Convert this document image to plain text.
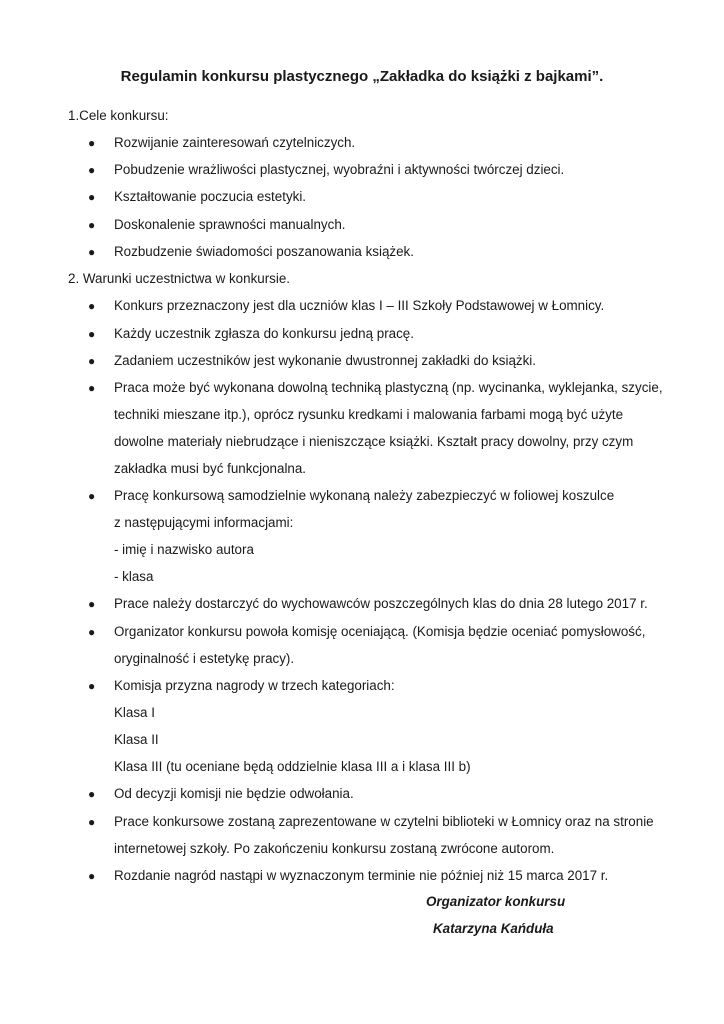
Regulamin konkursu plastycznego „Zakładka do książki z bajkami”.
1.Cele konkursu:
● Rozwijanie zainteresowań czytelniczych.
● Pobudzenie wrażliwości plastycznej, wyobraźni i aktywności twórczej dzieci.
● Kształtowanie poczucia estetyki.
● Doskonalenie sprawności manualnych.
● Rozbudzenie świadomości poszanowania książek.
2. Warunki uczestnictwa w konkursie.
● Konkurs przeznaczony jest dla uczniów klas I – III Szkoły Podstawowej w Łomnicy.
● Każdy uczestnik zgłasza do konkursu jedną pracę.
● Zadaniem uczestników jest wykonanie dwustronnej zakładki do książki.
● Praca może być wykonana dowolną techniką plastyczną (np. wycinanka, wyklejanka, szycie,
techniki mieszane itp.), oprócz rysunku kredkami i malowania farbami mogą być użyte
dowolne materiały niebrudzące i nieniszczące książki. Kształt pracy dowolny, przy czym
zakładka musi być funkcjonalna.
● Pracę konkursową samodzielnie wykonaną należy zabezpieczyć w foliowej koszulce
z następującymi informacjami:
- imię i nazwisko autora
- klasa
● Prace należy dostarczyć do wychowawców poszczególnych klas do dnia 28 lutego 2017 r.
● Organizator konkursu powoła komisję oceniającą. (Komisja będzie oceniać pomysłowość,
oryginalność i estetykę pracy).
● Komisja przyzna nagrody w trzech kategoriach:
Klasa I
Klasa II
Klasa III (tu oceniane będą oddzielnie klasa III a i klasa III b)
● Od decyzji komisji nie będzie odwołania.
● Prace konkursowe zostaną zaprezentowane w czytelni biblioteki w Łomnicy oraz na stronie
internetowej szkoły. Po zakończeniu konkursu zostaną zwrócone autorom.
● Rozdanie nagród nastąpi w wyznaczonym terminie nie później niż 15 marca 2017 r.
Organizator konkursu
Katarzyna Kańduła
